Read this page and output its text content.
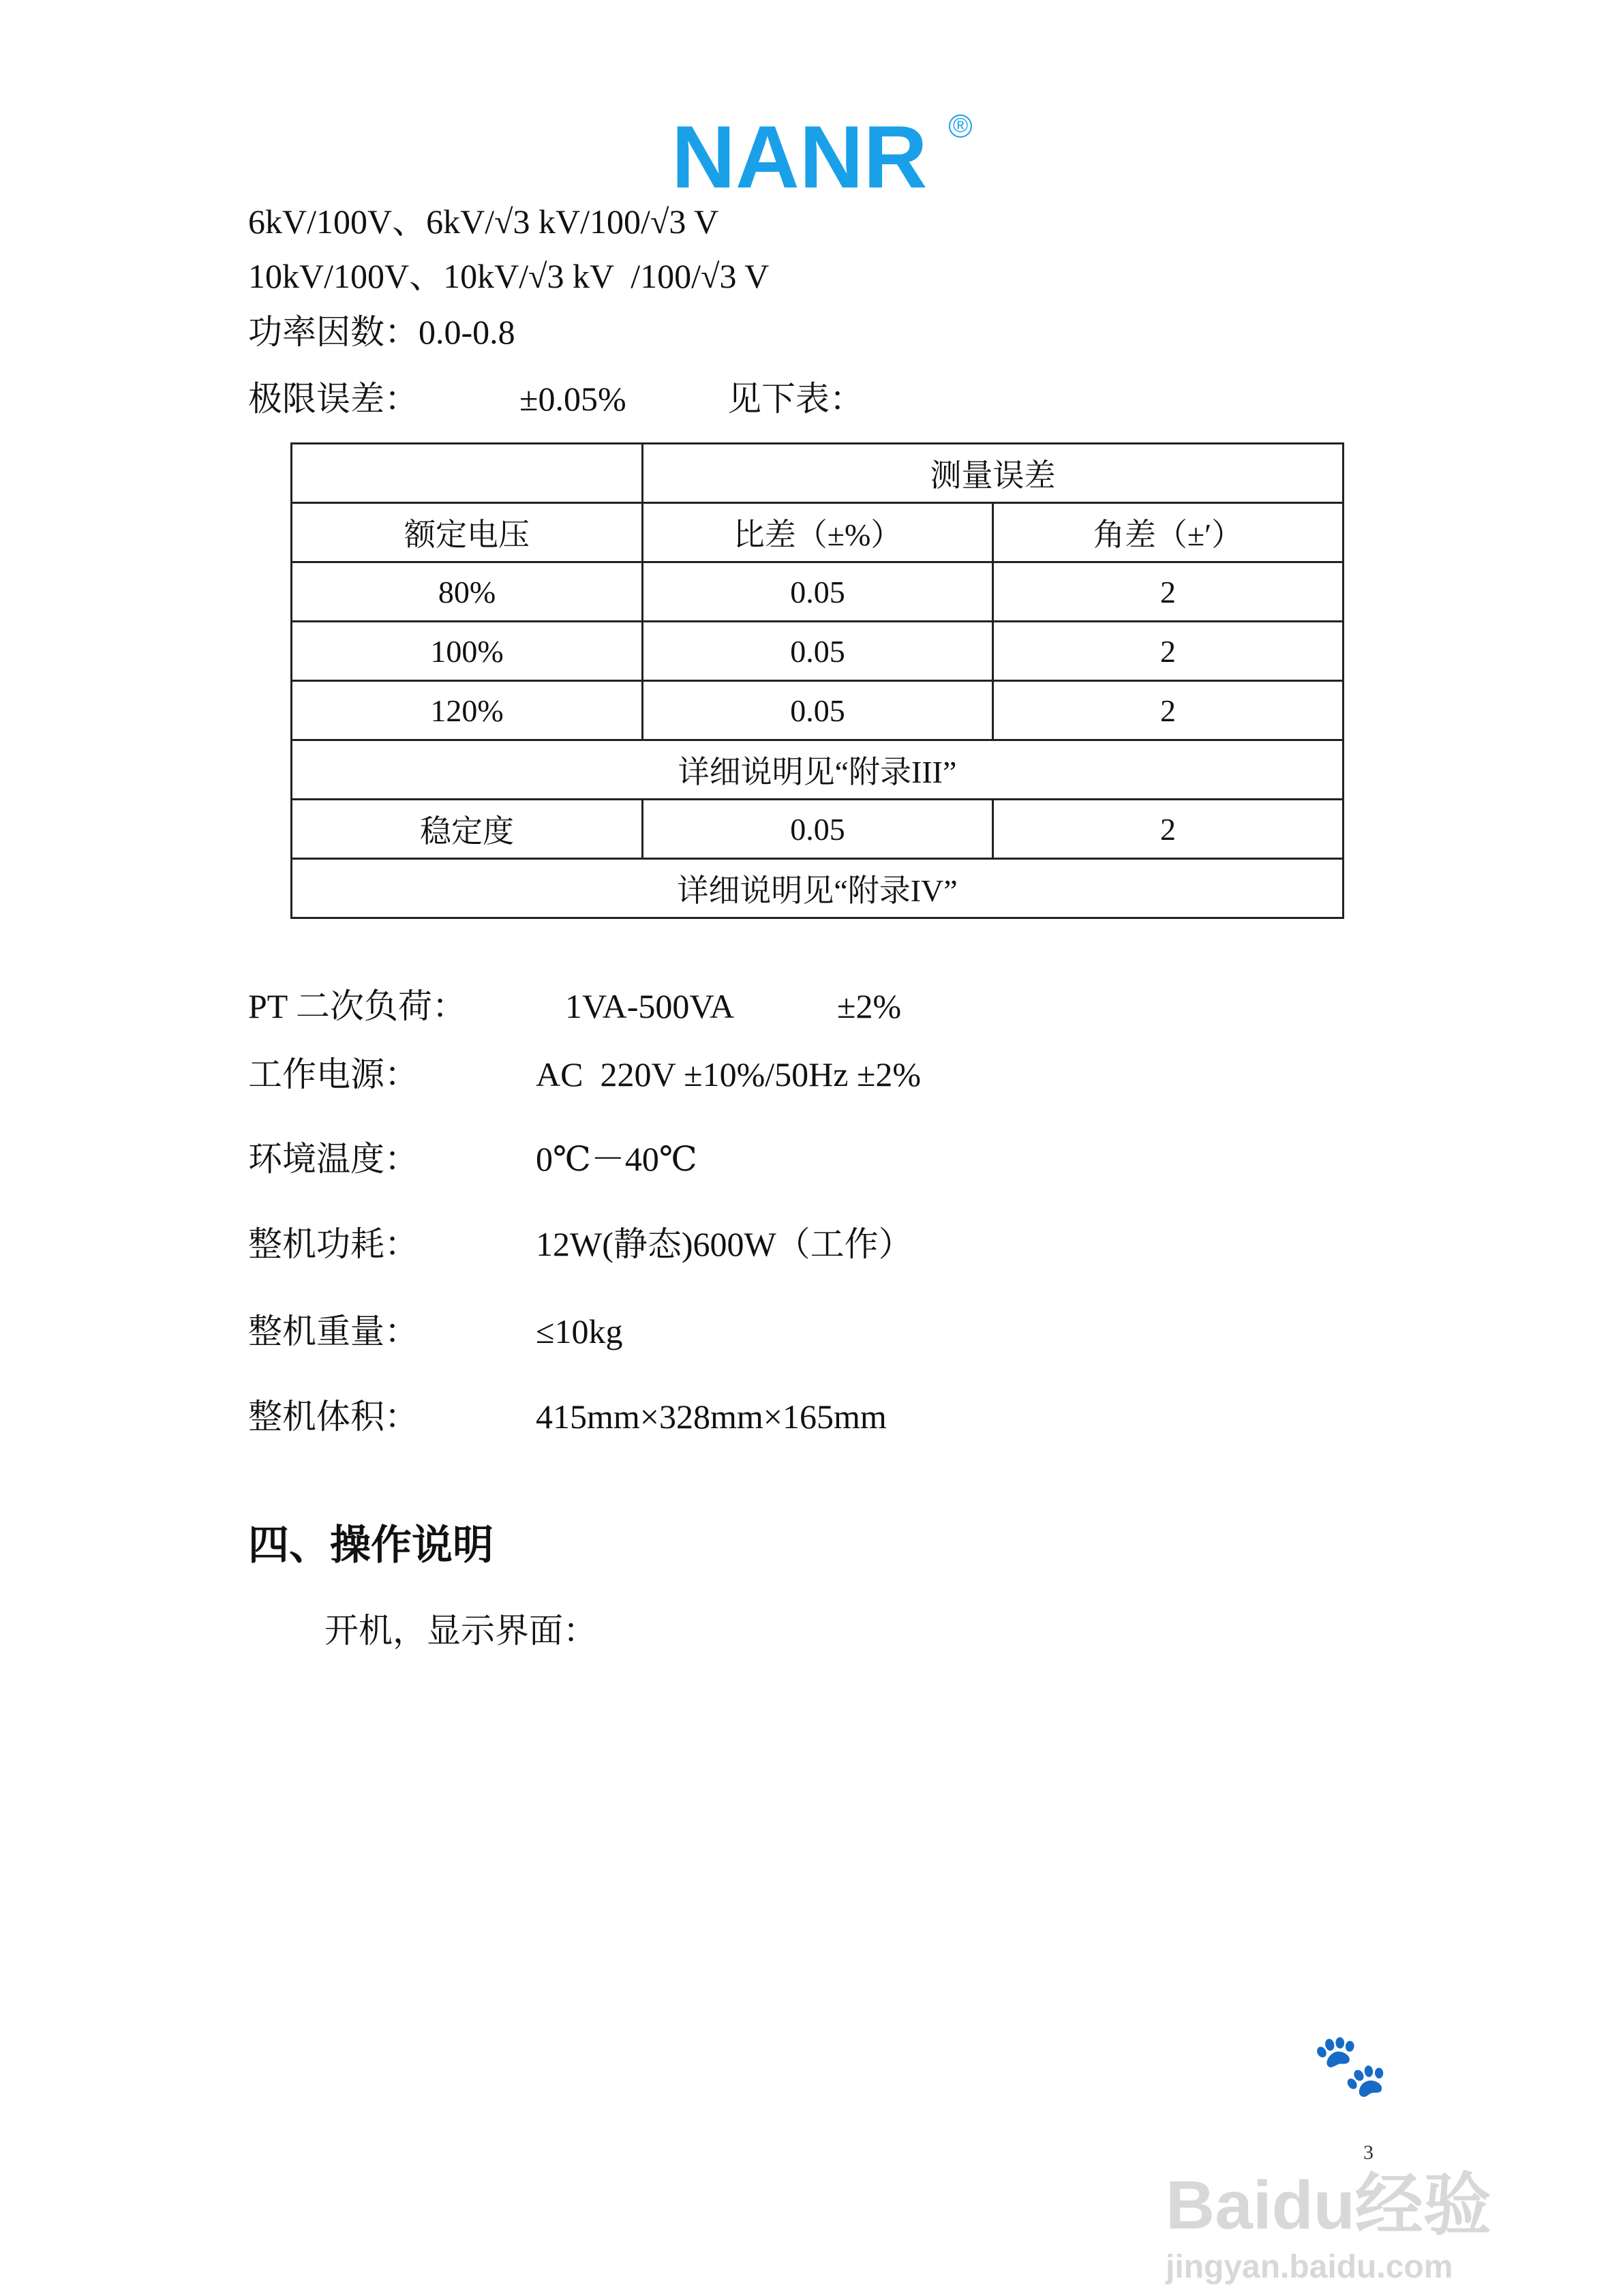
NANR ®
6kV/100V、6kV/√3 kV/100/√3 V
10kV/100V、10kV/√3 kV  /100/√3 V
功率因数：0.0-0.8
极限误差：	±0.05%	见下表：
	测量误差	
额定电压	比差（±%）	角差（±′）
80%	0.05	2
100%	0.05	2
120%	0.05	2
详细说明见“附录III”		
稳定度	0.05	2
详细说明见“附录IV”		
PT 二次负荷：	1VA-500VA	±2%
工作电源：	AC  220V ±10%/50Hz ±2%
环境温度：	0℃－40℃
整机功耗：	12W(静态)600W（工作）
整机重量：	≤10kg
整机体积：	415mm×328mm×165mm
四、操作说明
开机，显示界面：
🐾
Baidu经验
jingyan.baidu.com
3
